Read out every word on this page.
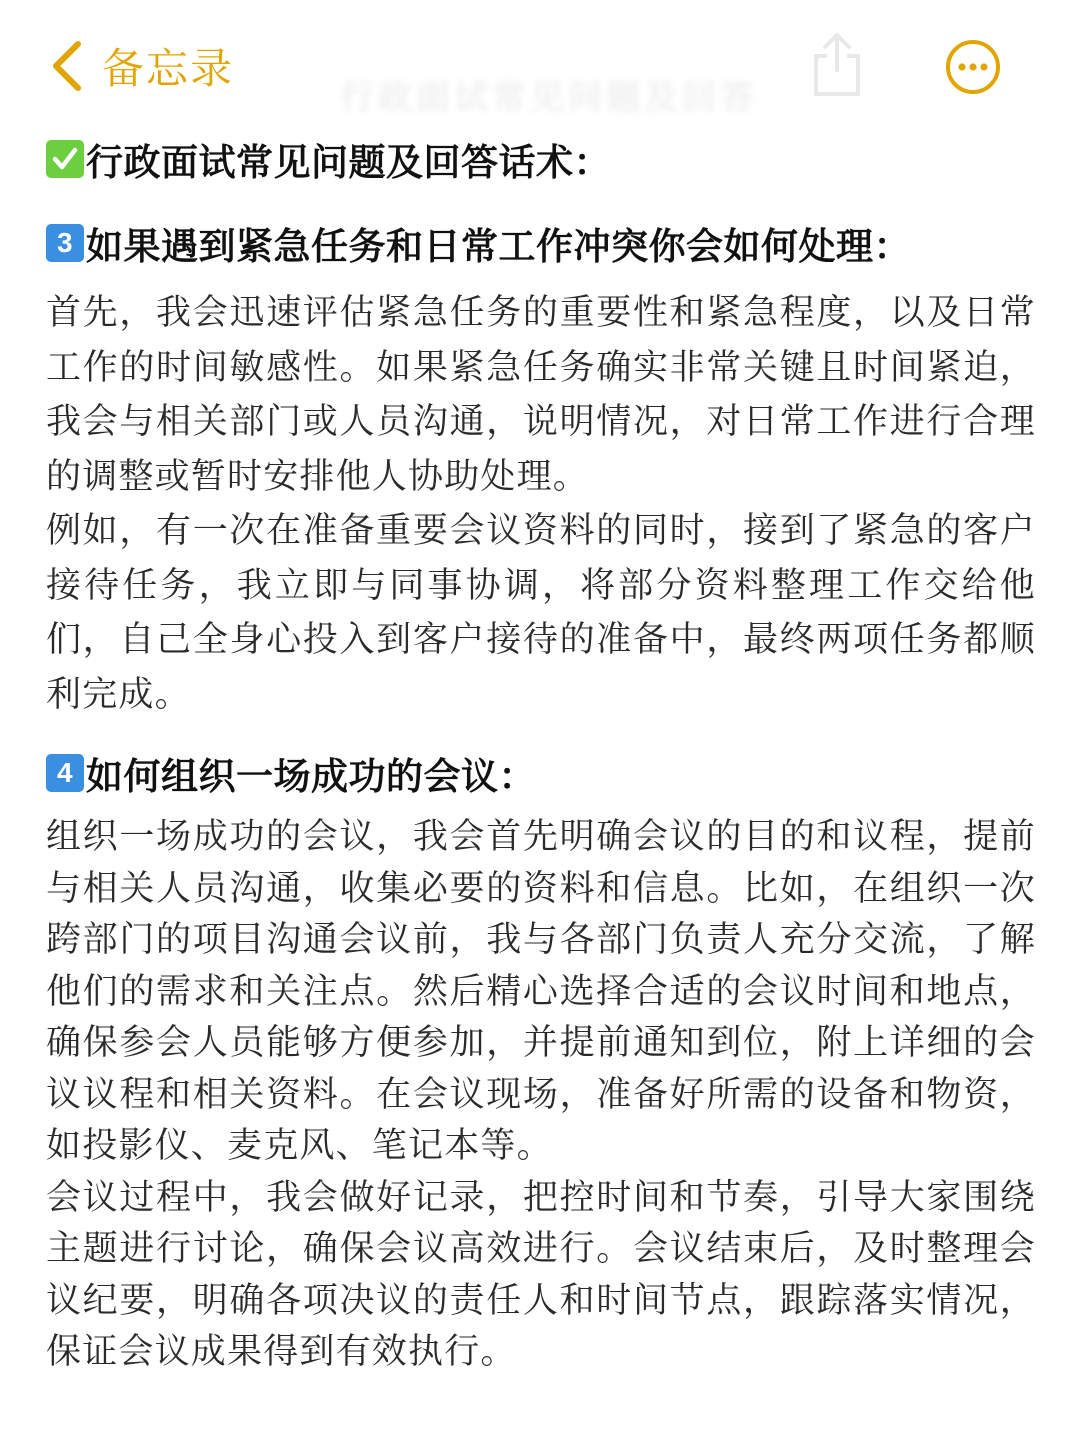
备忘录
行政面试常见问题及回答
行政面试常见问题及回答话术：
3 如果遇到紧急任务和日常工作冲突你会如何处理：

首先，我会迅速评估紧急任务的重要性和紧急程度，以及日常工作的时间敏感性。如果紧急任务确实非常关键且时间紧迫，我会与相关部门或人员沟通，说明情况，对日常工作进行合理的调整或暂时安排他人协助处理。

例如，有一次在准备重要会议资料的同时，接到了紧急的客户接待任务，我立即与同事协调，将部分资料整理工作交给他们，自己全身心投入到客户接待的准备中，最终两项任务都顺利完成。

4 如何组织一场成功的会议：

组织一场成功的会议，我会首先明确会议的目的和议程，提前与相关人员沟通，收集必要的资料和信息。比如，在组织一次跨部门的项目沟通会议前，我与各部门负责人充分交流，了解他们的需求和关注点。然后精心选择合适的会议时间和地点，确保参会人员能够方便参加，并提前通知到位，附上详细的会议议程和相关资料。在会议现场，准备好所需的设备和物资，如投影仪、麦克风、笔记本等。

会议过程中，我会做好记录，把控时间和节奏，引导大家围绕主题进行讨论，确保会议高效进行。会议结束后，及时整理会议纪要，明确各项决议的责任人和时间节点，跟踪落实情况，保证会议成果得到有效执行。
